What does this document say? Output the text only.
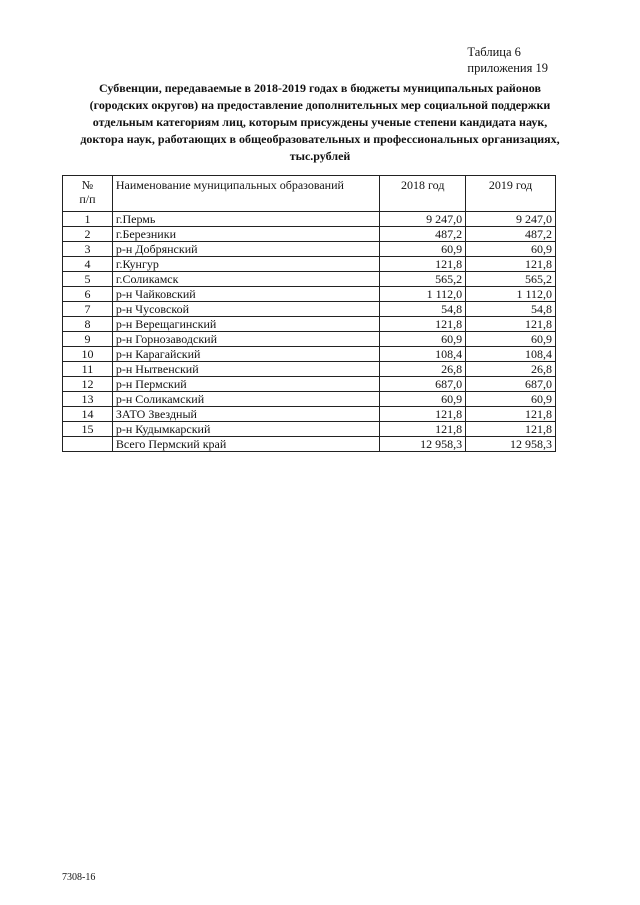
Таблица 6
приложения 19
Субвенции, передаваемые в 2018-2019 годах в бюджеты муниципальных районов
(городских округов) на предоставление дополнительных мер социальной поддержки
отдельным категориям лиц, которым присуждены ученые степени кандидата наук,
доктора наук, работающих в общеобразовательных и профессиональных организациях,
тыс.рублей
№
п/п	Наименование муниципальных образований	2018 год	2019 год
1	г.Пермь	9 247,0	9 247,0
2	г.Березники	487,2	487,2
3	р-н Добрянский	60,9	60,9
4	г.Кунгур	121,8	121,8
5	г.Соликамск	565,2	565,2
6	р-н Чайковский	1 112,0	1 112,0
7	р-н Чусовской	54,8	54,8
8	р-н Верещагинский	121,8	121,8
9	р-н Горнозаводский	60,9	60,9
10	р-н Карагайский	108,4	108,4
11	р-н Нытвенский	26,8	26,8
12	р-н Пермский	687,0	687,0
13	р-н Соликамский	60,9	60,9
14	ЗАТО Звездный	121,8	121,8
15	р-н Кудымкарский	121,8	121,8
	Всего Пермский край	12 958,3	12 958,3
7308-16
